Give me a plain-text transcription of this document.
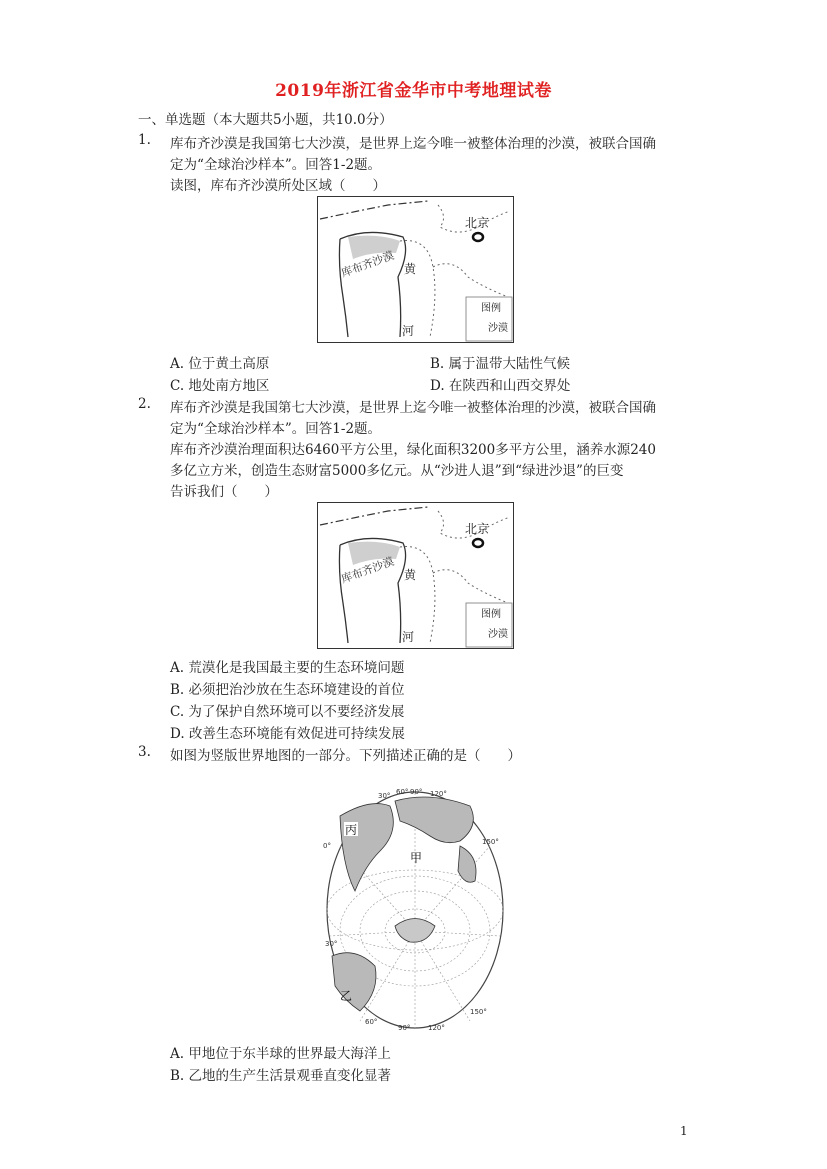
2019年浙江省金华市中考地理试卷
一、单选题（本大题共5小题，共10.0分）
1.	库布齐沙漠是我国第七大沙漠，是世界上迄今唯一被整体治理的沙漠，被联合国确
定为“全球治沙样本”。回答1-2题。
读图，库布齐沙漠所处区域（　　）
库布齐沙漠
北京
黄
河
图例
沙漠
A. 位于黄土高原	B. 属于温带大陆性气候
C. 地处南方地区	D. 在陕西和山西交界处
2.	库布齐沙漠是我国第七大沙漠，是世界上迄今唯一被整体治理的沙漠，被联合国确
定为“全球治沙样本”。回答1-2题。
库布齐沙漠治理面积达6460平方公里，绿化面积3200多平方公里，涵养水源240
多亿立方米，创造生态财富5000多亿元。从“沙进人退”到“绿进沙退”的巨变
告诉我们（　　）
库布齐沙漠
北京
黄
河
图例
沙漠
A. 荒漠化是我国最主要的生态环境问题
B. 必须把治沙放在生态环境建设的首位
C. 为了保护自然环境可以不要经济发展
D. 改善生态环境能有效促进可持续发展
3.	如图为竖版世界地图的一部分。下列描述正确的是（　　）
丙
甲
乙
30° 60° 90° 120°
150°
0°
30°
60°
90°	120°
150°
A. 甲地位于东半球的世界最大海洋上
B. 乙地的生产生活景观垂直变化显著
1
